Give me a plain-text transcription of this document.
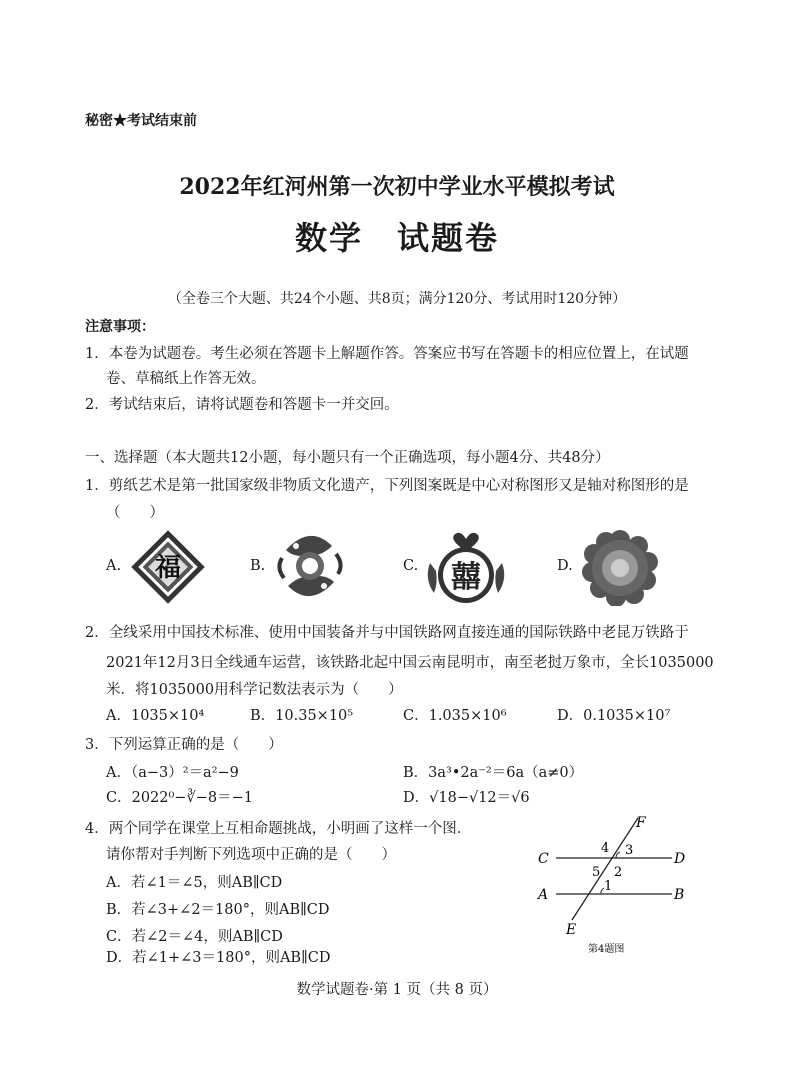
秘密★考试结束前
2022年红河州第一次初中学业水平模拟考试
数学　试题卷
（全卷三个大题、共24个小题、共8页；满分120分、考试用时120分钟）
注意事项：
1．本卷为试题卷。考生必须在答题卡上解题作答。答案应书写在答题卡的相应位置上，在试题
卷、草稿纸上作答无效。
2．考试结束后，请将试题卷和答题卡一并交回。
一、选择题（本大题共12小题，每小题只有一个正确选项，每小题4分、共48分）
1．剪纸艺术是第一批国家级非物质文化遗产，下列图案既是中心对称图形又是轴对称图形的是
（　　）
A. 福	B.	C. 囍	D.
2．全线采用中国技术标准、使用中国装备并与中国铁路网直接连通的国际铁路中老昆万铁路于
2021年12月3日全线通车运营，该铁路北起中国云南昆明市，南至老挝万象市，全长1035000
米．将1035000用科学记数法表示为（　　）
A．1035×10⁴	B．10.35×10⁵	C．1.035×10⁶	D．0.1035×10⁷
3．下列运算正确的是（　　）
A．（a−3）²＝a²−9	B．3a³•2a⁻²＝6a（a≠0）
C．2022⁰−∛−8＝−1	D．√18−√12＝√6
4．两个同学在课堂上互相命题挑战，小明画了这样一个图．
请你帮对手判断下列选项中正确的是（　　）
A．若∠1＝∠5，则AB∥CD
B．若∠3+∠2＝180°，则AB∥CD
C．若∠2＝∠4，则AB∥CD
D．若∠1+∠3＝180°，则AB∥CD
F
C	D
A	B
E
4 3
5 2
1
第4题图
数学试题卷·第 1 页（共 8 页）
